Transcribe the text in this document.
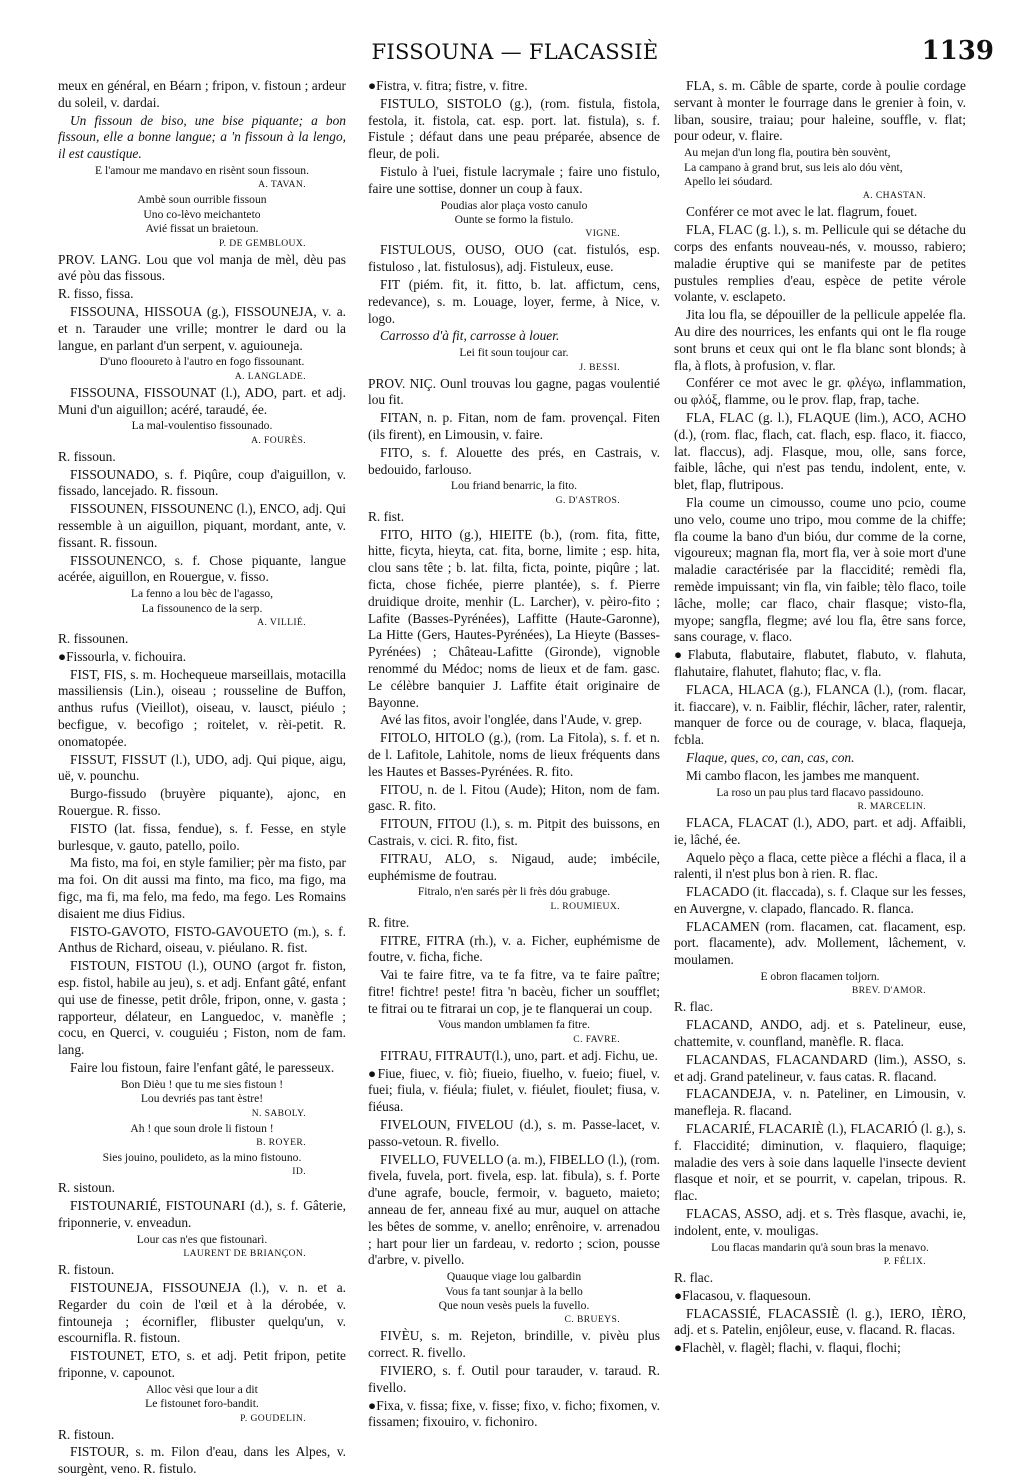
FISSOUNA — FLACASSIÈ	1139

meux en général, en Béarn ; fripon, v. fistoun ; ardeur du soleil, v. dardai.

Un fissoun de biso, une bise piquante; a bon fissoun, elle a bonne langue; a 'n fissoun à la lengo, il est caustique.

E l'amour me mandavo en risènt soun fissoun.

A. TAVAN.

Ambè soun ourrible fissoun

Uno co-lèvo meichanteto

Avié fissat un braietoun.

P. DE GEMBLOUX.

PROV. LANG. Lou que vol manja de mèl, dèu pas avé pòu das fissous.

R. fisso, fissa.

FISSOUNA, HISSOUA (g.), FISSOUNEJA, v. a. et n. Tarauder une vrille; montrer le dard ou la langue, en parlant d'un serpent, v. aguiouneja.

D'uno flooureto à l'autro en fogo fissounant.

A. LANGLADE.

FISSOUNA, FISSOUNAT (l.), ADO, part. et adj. Muni d'un aiguillon; acéré, taraudé, ée.

La mal-voulentiso fissounado.

A. FOURÈS.

R. fissoun.

FISSOUNADO, s. f. Piqûre, coup d'aiguillon, v. fissado, lancejado. R. fissoun.

FISSOUNEN, FISSOUNENC (l.), ENCO, adj. Qui ressemble à un aiguillon, piquant, mordant, ante, v. fissant. R. fissoun.

FISSOUNENCO, s. f. Chose piquante, langue acérée, aiguillon, en Rouergue, v. fisso.

La fenno a lou bèc de l'agasso,

La fissounenco de la serp.

A. VILLIÉ.

R. fissounen.

●Fissourla, v. fichouira.

FIST, FIS, s. m. Hochequeue marseillais, motacilla massiliensis (Lin.), oiseau ; rousseline de Buffon, anthus rufus (Vieillot), oiseau, v. lausct, piéulo ; becfigue, v. becofigo ; roitelet, v. rèi-petit. R. onomatopée.

FISSUT, FISSUT (l.), UDO, adj. Qui pique, aigu, uë, v. pounchu.

Burgo-fissudo (bruyère piquante), ajonc, en Rouergue. R. fisso.

FISTO (lat. fissa, fendue), s. f. Fesse, en style burlesque, v. gauto, patello, poilo.

Ma fisto, ma foi, en style familier; pèr ma fisto, par ma foi. On dit aussi ma finto, ma fico, ma figo, ma figc, ma fi, ma felo, ma fedo, ma fego. Les Romains disaient me dius Fidius.

FISTO-GAVOTO, FISTO-GAVOUETO (m.), s. f. Anthus de Richard, oiseau, v. piéulano. R. fist.

FISTOUN, FISTOU (l.), OUNO (argot fr. fiston, esp. fistol, habile au jeu), s. et adj. Enfant gâté, enfant qui use de finesse, petit drôle, fripon, onne, v. gasta ; rapporteur, délateur, en Languedoc, v. manèfle ; cocu, en Querci, v. couguiéu ; Fiston, nom de fam. lang.

Faire lou fistoun, faire l'enfant gâté, le paresseux.

Bon Dièu ! que tu me sies fistoun !

Lou devriés pas tant èstre!

N. SABOLY.

Ah ! que soun drole li fistoun !

B. ROYER.

Sies jouino, poulideto, as la mino fistouno.

ID.

R. sistoun.

FISTOUNARIÉ, FISTOUNARI (d.), s. f. Gâterie, friponnerie, v. enveadun.

Lour cas n'es que fistounarì.

LAURENT DE BRIANÇON.

R. fistoun.

FISTOUNEJA, FISSOUNEJA (l.), v. n. et a. Regarder du coin de l'œil et à la dérobée, v. fintouneja ; écornifler, flibuster quelqu'un, v. escournifla. R. fistoun.

FISTOUNET, ETO, s. et adj. Petit fripon, petite friponne, v. capounot.

Alloc vèsi que lour a dit

Le fistounet foro-bandit.

P. GOUDELIN.

R. fistoun.

FISTOUR, s. m. Filon d'eau, dans les Alpes, v. sourgènt, veno. R. fistulo.

●Fistra, v. fitra; fistre, v. fitre.

FISTULO, SISTOLO (g.), (rom. fistula, fistola, festola, it. fistola, cat. esp. port. lat. fistula), s. f. Fistule ; défaut dans une peau préparée, absence de fleur, de poli.

Fistulo à l'uei, fistule lacrymale ; faire uno fistulo, faire une sottise, donner un coup à faux.

Poudias alor plaça vosto canulo

Ounte se formo la fistulo.

VIGNE.

FISTULOUS, OUSO, OUO (cat. fistulós, esp. fistuloso , lat. fistulosus), adj. Fistuleux, euse.

FIT (piém. fit, it. fitto, b. lat. affictum, cens, redevance), s. m. Louage, loyer, ferme, à Nice, v. logo.

Carrosso d'à fit, carrosse à louer.

Lei fit soun toujour car.

J. BESSI.

PROV. NIÇ. Ounl trouvas lou gagne, pagas voulentié lou fit.

FITAN, n. p. Fitan, nom de fam. provençal. Fiten (ils firent), en Limousin, v. faire.

FITO, s. f. Alouette des prés, en Castrais, v. bedouido, farlouso.

Lou friand benarric, la fito.

G. D'ASTROS.

R. fist.

FITO, HITO (g.), HIEITE (b.), (rom. fita, fitte, hitte, ficyta, hieyta, cat. fita, borne, limite ; esp. hita, clou sans tête ; b. lat. filta, ficta, pointe, piqûre ; lat. ficta, chose fichée, pierre plantée), s. f. Pierre druidique droite, menhir (L. Larcher), v. pèiro-fito ; Lafite (Basses-Pyrénées), Laffitte (Haute-Garonne), La Hitte (Gers, Hautes-Pyrénées), La Hieyte (Basses-Pyrénées) ; Château-Lafitte (Gironde), vignoble renommé du Médoc; noms de lieux et de fam. gasc. Le célèbre banquier J. Laffite était originaire de Bayonne.

Avé las fitos, avoir l'onglée, dans l'Aude, v. grep.

FITOLO, HITOLO (g.), (rom. La Fitola), s. f. et n. de l. Lafitole, Lahitole, noms de lieux fréquents dans les Hautes et Basses-Pyrénées. R. fito.

FITOU, n. de l. Fitou (Aude); Hiton, nom de fam. gasc. R. fito.

FITOUN, FITOU (l.), s. m. Pitpit des buissons, en Castrais, v. cici. R. fito, fist.

FITRAU, ALO, s. Nigaud, aude; imbécile, euphémisme de foutrau.

Fitralo, n'en sarés pèr li frès dóu grabuge.

L. ROUMIEUX.

R. fitre.

FITRE, FITRA (rh.), v. a. Ficher, euphémisme de foutre, v. ficha, fiche.

Vai te faire fitre, va te fa fitre, va te faire paître; fitre! fichtre! peste! fitra 'n bacèu, ficher un soufflet; te fitrai ou te fitrarai un cop, je te flanquerai un coup.

Vous mandon umblamen fa fitre.

C. FAVRE.

FITRAU, FITRAUT(l.), uno, part. et adj. Fichu, ue.

●Fiue, fiuec, v. fiò; fiueio, fiuelho, v. fueio; fiuel, v. fuei; fiula, v. fiéula; fiulet, v. fiéulet, fioulet; fiusa, v. fiéusa.

FIVELOUN, FIVELOU (d.), s. m. Passe-lacet, v. passo-vetoun. R. fivello.

FIVELLO, FUVELLO (a. m.), FIBELLO (l.), (rom. fivela, fuvela, port. fivela, esp. lat. fibula), s. f. Porte d'une agrafe, boucle, fermoir, v. bagueto, maieto; anneau de fer, anneau fixé au mur, auquel on attache les bêtes de somme, v. anello; enrênoire, v. arrenadou ; hart pour lier un fardeau, v. redorto ; scion, pousse d'arbre, v. pivello.

Quauque viage lou galbardin

Vous fa tant sounjar à la bello

Que noun vesès puels la fuvello.

C. BRUEYS.

FIVÈU, s. m. Rejeton, brindille, v. pivèu plus correct. R. fivello.

FIVIERO, s. f. Outil pour tarauder, v. taraud. R. fivello.

●Fixa, v. fissa; fixe, v. fisse; fixo, v. ficho; fixomen, v. fissamen; fixouiro, v. fichoniro.

FLA, s. m. Câble de sparte, corde à poulie cordage servant à monter le fourrage dans le grenier à foin, v. liban, sousire, traiau; pour haleine, souffle, v. flat; pour odeur, v. flaire.

Au mejan d'un long fla, poutira bèn souvènt,

La campano à grand brut, sus leis alo dóu vènt,

Apello lei sóudard.

A. CHASTAN.

Conférer ce mot avec le lat. flagrum, fouet.

FLA, FLAC (g. l.), s. m. Pellicule qui se détache du corps des enfants nouveau-nés, v. mousso, rabiero; maladie éruptive qui se manifeste par de petites pustules remplies d'eau, espèce de petite vérole volante, v. esclapeto.

Jita lou fla, se dépouiller de la pellicule appelée fla. Au dire des nourrices, les enfants qui ont le fla rouge sont bruns et ceux qui ont le fla blanc sont blonds; à fla, à flots, à profusion, v. flar.

Conférer ce mot avec le gr. φλέγω, inflammation, ou φλόξ, flamme, ou le prov. flap, frap, tache.

FLA, FLAC (g. l.), FLAQUE (lim.), ACO, ACHO (d.), (rom. flac, flach, cat. flach, esp. flaco, it. fiacco, lat. flaccus), adj. Flasque, mou, olle, sans force, faible, lâche, qui n'est pas tendu, indolent, ente, v. blet, flap, flutripous.

Fla coume un cimousso, coume uno pcio, coume uno velo, coume uno tripo, mou comme de la chiffe; fla coume la bano d'un bióu, dur comme de la corne, vigoureux; magnan fla, mort fla, ver à soie mort d'une maladie caractérisée par la flaccidité; remèdi fla, remède impuissant; vin fla, vin faible; tèlo flaco, toile lâche, molle; car flaco, chair flasque; visto-fla, myope; sangfla, flegme; avé lou fla, être sans force, sans courage, v. flaco.

●Flabuta, flabutaire, flabutet, flabuto, v. flahuta, flahutaire, flahutet, flahuto; flac, v. fla.

FLACA, HLACA (g.), FLANCA (l.), (rom. flacar, it. fiaccare), v. n. Faiblir, fléchir, lâcher, rater, ralentir, manquer de force ou de courage, v. blaca, flaqueja, fcbla.

Flaque, ques, co, can, cas, con.

Mi cambo flacon, les jambes me manquent.

La roso un pau plus tard flacavo passidouno.

R. MARCELIN.

FLACA, FLACAT (l.), ADO, part. et adj. Affaibli, ie, lâché, ée.

Aquelo pèço a flaca, cette pièce a fléchi a flaca, il a ralenti, il n'est plus bon à rien. R. flac.

FLACADO (it. flaccada), s. f. Claque sur les fesses, en Auvergne, v. clapado, flancado. R. flanca.

FLACAMEN (rom. flacamen, cat. flacament, esp. port. flacamente), adv. Mollement, lâchement, v. moulamen.

E obron flacamen toljorn.

BREV. D'AMOR.

R. flac.

FLACAND, ANDO, adj. et s. Patelineur, euse, chattemite, v. counfland, manèfle. R. flaca.

FLACANDAS, FLACANDARD (lim.), ASSO, s. et adj. Grand patelineur, v. faus catas. R. flacand.

FLACANDEJA, v. n. Pateliner, en Limousin, v. manefleja. R. flacand.

FLACARIÉ, FLACARIÈ (l.), FLACARIÓ (l. g.), s. f. Flaccidité; diminution, v. flaquiero, flaquige; maladie des vers à soie dans laquelle l'insecte devient flasque et noir, et se pourrit, v. capelan, tripous. R. flac.

FLACAS, ASSO, adj. et s. Très flasque, avachi, ie, indolent, ente, v. mouligas.

Lou flacas mandarin qu'à soun bras la menavo.

P. FÉLIX.

R. flac.

●Flacasou, v. flaquesoun.

FLACASSIÉ, FLACASSIÈ (l. g.), IERO, IÈRO, adj. et s. Patelin, enjôleur, euse, v. flacand. R. flacas.

●Flachèl, v. flagèl; flachi, v. flaqui, flochi;
